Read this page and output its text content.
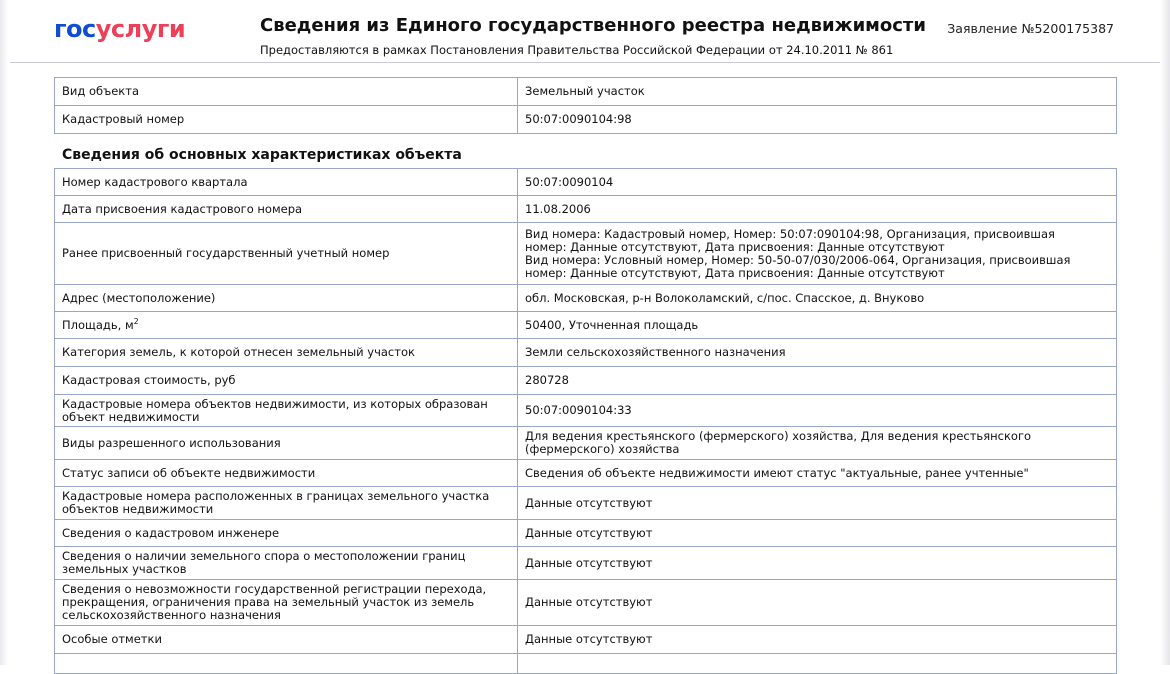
госуслуги	Сведения из Единого государственного реестра недвижимости
Предоставляются в рамках Постановления Правительства Российской Федерации от 24.10.2011 № 861
Заявление №5200175387
Вид объекта	Земельный участок
Кадастровый номер	50:07:0090104:98
Сведения об основных характеристиках объекта
Номер кадастрового квартала	50:07:0090104
Дата присвоения кадастрового номера	11.08.2006
Ранее присвоенный государственный учетный номер	Вид номера: Кадастровый номер, Номер: 50:07:090104:98, Организация, присвоившая
номер: Данные отсутствуют, Дата присвоения: Данные отсутствуют
Вид номера: Условный номер, Номер: 50-50-07/030/2006-064, Организация, присвоившая
номер: Данные отсутствуют, Дата присвоения: Данные отсутствуют

Адрес (местоположение)	обл. Московская, р-н Волоколамский, с/пос. Спасское, д. Внуково
Площадь, $м^2$	50400, Уточненная площадь
Категория земель, к которой отнесен земельный участок	Земли сельскохозяйственного назначения
Кадастровая стоимость, руб	280728

Кадастровые номера объектов недвижимости, из которых образован
объект недвижимости	50:07:0090104:33
Виды разрешенного использования	Для ведения крестьянского (фермерского) хозяйства, Для ведения крестьянского
(фермерского) хозяйства

Статус записи об объекте недвижимости	Сведения об объекте недвижимости имеют статус "актуальные, ранее учтенныe"

Кадастровые номера расположенных в границах земельного участка
объектов недвижимости	Данные отсутствуют
Сведения о кадастровом инженере	Данные отсутствуют

Сведения о наличии земельного спора о местоположении границ
земельных участков	Данные отсутствуют

Сведения о невозможности государственной регистрации перехода,
прекращения, ограничения права на земельный участок из земель
сельскохозяйственного назначения	Данные отсутствуют
Особые отметки	Данные отсутствуют
